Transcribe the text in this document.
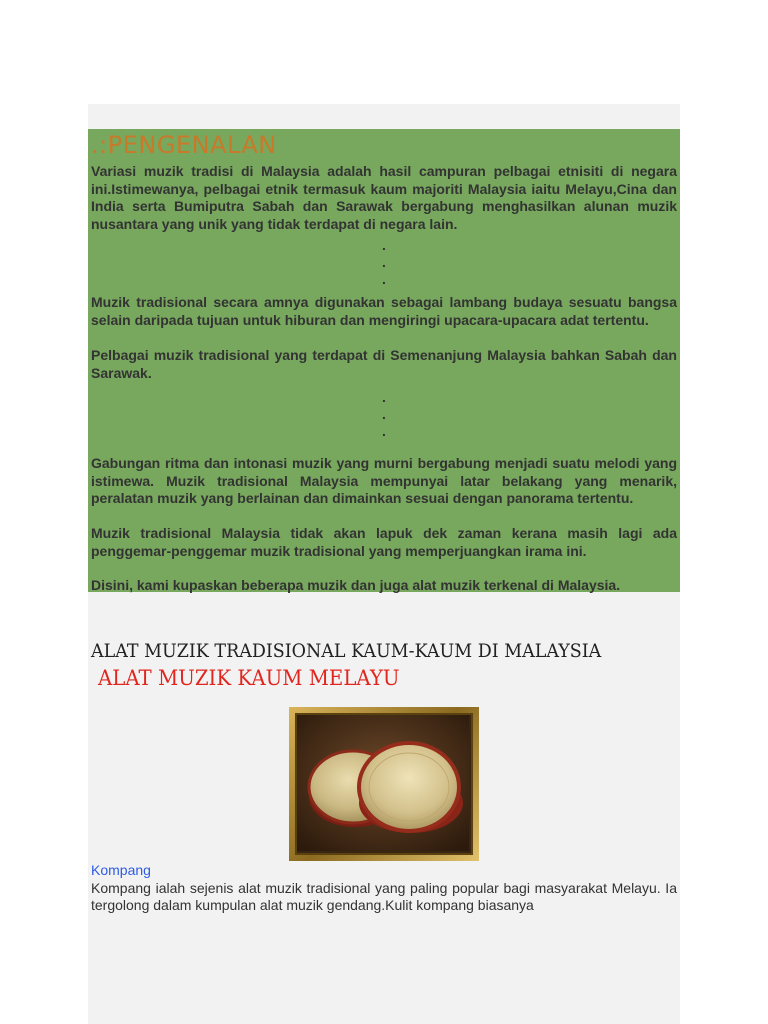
.:PENGENALAN

Variasi muzik tradisi di Malaysia adalah hasil campuran pelbagai etnisiti di negara ini.Istimewanya, pelbagai etnik termasuk kaum majoriti Malaysia iaitu Melayu,Cina dan India serta Bumiputra Sabah dan Sarawak bergabung menghasilkan alunan muzik nusantara yang unik yang tidak terdapat di negara lain.

.
.
.

Muzik tradisional secara amnya digunakan sebagai lambang budaya sesuatu bangsa selain daripada tujuan untuk hiburan dan mengiringi upacara-upacara adat tertentu.

Pelbagai muzik tradisional yang terdapat di Semenanjung Malaysia bahkan Sabah dan Sarawak.

.
.
.

Gabungan ritma dan intonasi muzik yang murni bergabung menjadi suatu melodi yang istimewa. Muzik tradisional Malaysia mempunyai latar belakang yang menarik, peralatan muzik yang berlainan dan dimainkan sesuai dengan panorama tertentu.

Muzik tradisional Malaysia tidak akan lapuk dek zaman kerana masih lagi ada penggemar-penggemar muzik tradisional yang memperjuangkan irama ini.

Disini, kami kupaskan beberapa muzik dan juga alat muzik terkenal di Malaysia.

ALAT MUZIK TRADISIONAL KAUM-KAUM DI MALAYSIA

ALAT MUZIK KAUM MELAYU

Kompang

Kompang ialah sejenis alat muzik tradisional yang paling popular bagi masyarakat Melayu. Ia tergolong dalam kumpulan alat muzik gendang.Kulit kompang biasanya
